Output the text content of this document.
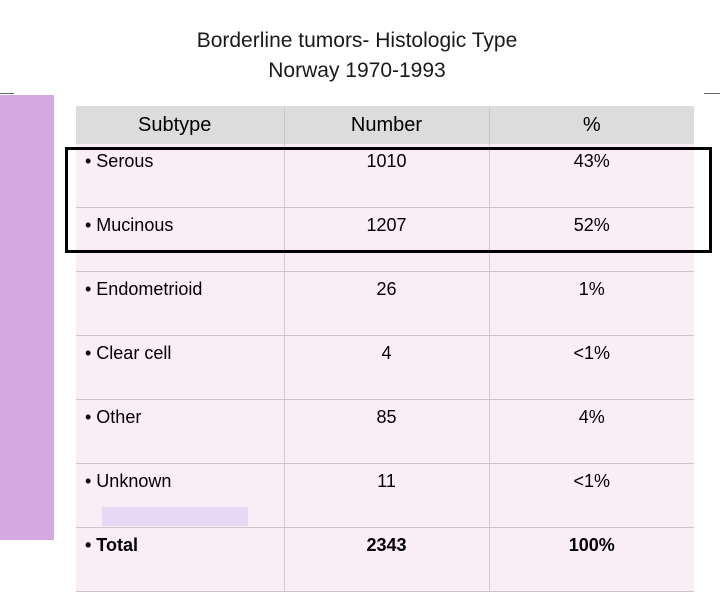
Borderline tumors- Histologic Type
Norway 1970-1993
Subtype	Number	%
• Serous	1010	43%
• Mucinous	1207	52%
• Endometrioid	26	1%
• Clear cell	4	<1%
• Other	85	4%
• Unknown	11	<1%
• Total	2343	100%
